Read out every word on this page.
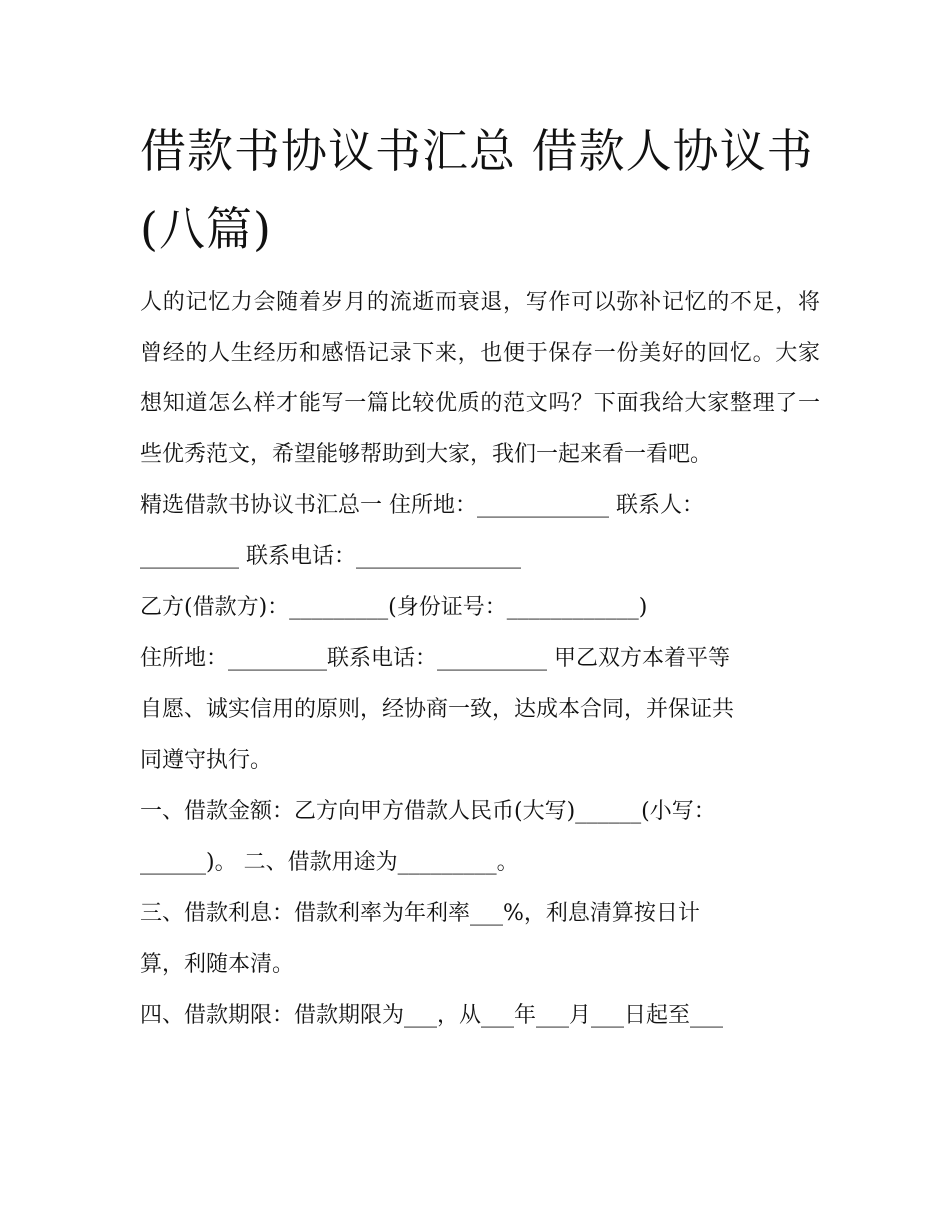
借款书协议书汇总 借款人协议书(八篇)

人的记忆力会随着岁月的流逝而衰退，写作可以弥补记忆的不足，将曾经的人生经历和感悟记录下来，也便于保存一份美好的回忆。大家想知道怎么样才能写一篇比较优质的范文吗？下面我给大家整理了一些优秀范文，希望能够帮助到大家，我们一起来看一看吧。

精选借款书协议书汇总一 住所地：____________ 联系人：

_________ 联系电话：_______________

乙方(借款方)：_________(身份证号：____________)

住所地：_________联系电话：__________ 甲乙双方本着平等

自愿、诚实信用的原则，经协商一致，达成本合同，并保证共

同遵守执行。

一、借款金额：乙方向甲方借款人民币(大写)______(小写：

______)。 二、借款用途为_________。

三、借款利息：借款利率为年利率___%，利息清算按日计

算，利随本清。

四、借款期限：借款期限为___，从___年___月___日起至___
